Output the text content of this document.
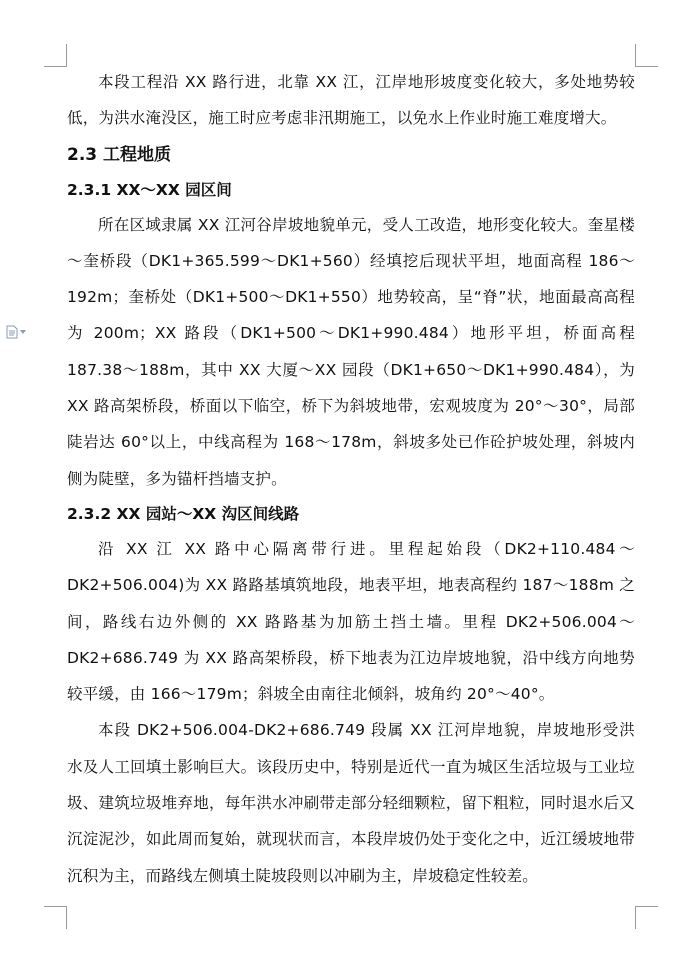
本段工程沿 XX 路行进，北靠 XX 江，江岸地形坡度变化较大，多处地势较低，为洪水淹没区，施工时应考虑非汛期施工，以免水上作业时施工难度增大。

2.3 工程地质

2.3.1 XX～XX 园区间

所在区域隶属 XX 江河谷岸坡地貌单元，受人工改造，地形变化较大。奎星楼～奎桥段（DK1+365.599～DK1+560）经填挖后现状平坦，地面高程 186～192m；奎桥处（DK1+500～DK1+550）地势较高，呈“脊”状，地面最高高程为 200m；XX 路段（DK1+500～DK1+990.484）地形平坦，桥面高程 187.38～188m，其中 XX 大厦～XX 园段（DK1+650～DK1+990.484），为 XX 路高架桥段，桥面以下临空，桥下为斜坡地带，宏观坡度为 20°～30°，局部陡岩达 60°以上，中线高程为 168～178m，斜坡多处已作砼护坡处理，斜坡内侧为陡壁，多为锚杆挡墙支护。

2.3.2 XX 园站～XX 沟区间线路

沿 XX 江 XX 路中心隔离带行进。里程起始段（DK2+110.484～DK2+506.004)为 XX 路路基填筑地段，地表平坦，地表高程约 187～188m 之间，路线右边外侧的 XX 路路基为加筋土挡土墙。里程 DK2+506.004～DK2+686.749 为 XX 路高架桥段，桥下地表为江边岸坡地貌，沿中线方向地势较平缓，由 166～179m；斜坡全由南往北倾斜，坡角约 20°～40°。

本段 DK2+506.004-DK2+686.749 段属 XX 江河岸地貌，岸坡地形受洪水及人工回填土影响巨大。该段历史中，特别是近代一直为城区生活垃圾与工业垃圾、建筑垃圾堆弃地，每年洪水冲刷带走部分轻细颗粒，留下粗粒，同时退水后又沉淀泥沙，如此周而复始，就现状而言，本段岸坡仍处于变化之中，近江缓坡地带沉积为主，而路线左侧填土陡坡段则以冲刷为主，岸坡稳定性较差。
